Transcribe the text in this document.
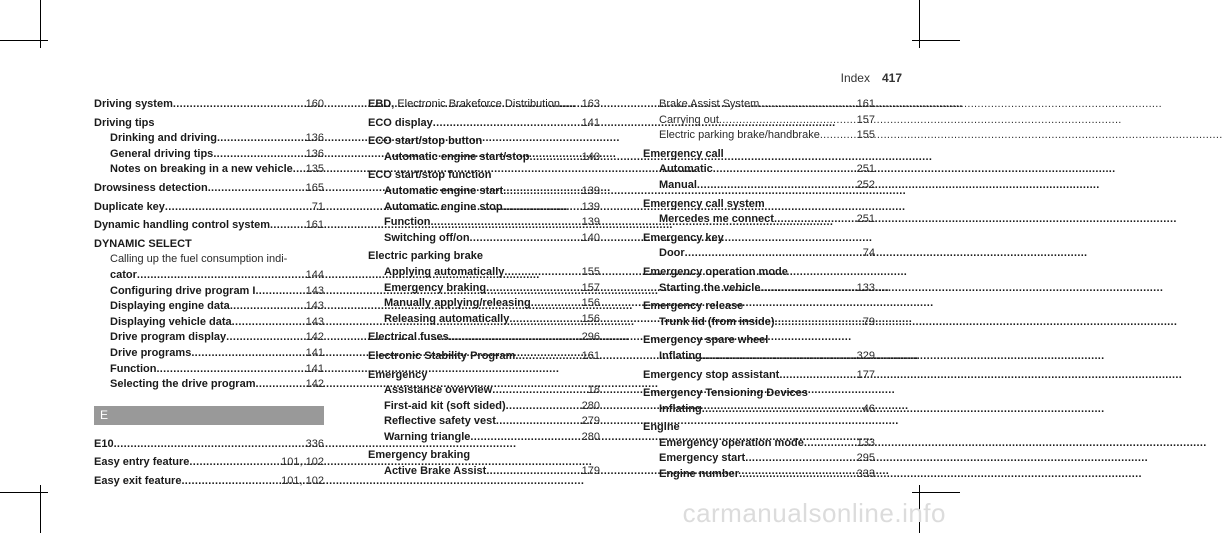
Index 417
Driving system .....	160
Driving tips
Drinking and driving .....	136
General driving tips .....	136
Notes on breaking in a new vehicle ..... 135
Drowsiness detection .....	165
Duplicate key .....	71
Dynamic handling control system .....	161
DYNAMIC SELECT
Calling up the fuel consumption indi-
cator .....	144
Configuring drive program I .....	143
Displaying engine data .....	143
Displaying vehicle data .....	143
Drive program display .....	142
Drive programs .....	141
Function .....	141
Selecting the drive program .....	142
E
E10 .....	336
Easy entry feature .....	101, 102
Easy exit feature .....	101, 102
EBD, Electronic Brakeforce Distribution ..... 163
ECO display .....	141
ECO start/stop button
Automatic engine start/stop .....	140
ECO start/stop function
Automatic engine start .....	139
Automatic engine stop .....	139
Function .....	139
Switching off/on .....	140
Electric parking brake
Applying automatically .....	155
Emergency braking .....	157
Manually applying/releasing .....	156
Releasing automatically .....	156
Electrical fuses .....	296
Electronic Stability Program .....	161
Emergency
Assistance overview .....	18
First-aid kit (soft sided) .....	280
Reflective safety vest .....	279
Warning triangle .....	280
Emergency braking
Active Brake Assist .....	179
Brake Assist System .....	161
Carrying out .....	157
Electric parking brake/handbrake .....	155
Emergency call
Automatic .....	251
Manual .....	252
Emergency call system
Mercedes me connect .....	251
Emergency key
Door .....	74
Emergency operation mode
Starting the vehicle .....	133
Emergency release
Trunk lid (from inside) .....	79
Emergency spare wheel
Inflating .....	329
Emergency stop assistant .....	177
Emergency Tensioning Devices
Inflating .....	46
Engine
Emergency operation mode .....	133
Emergency start .....	295
Engine number .....	333
carmanualsonline.info
